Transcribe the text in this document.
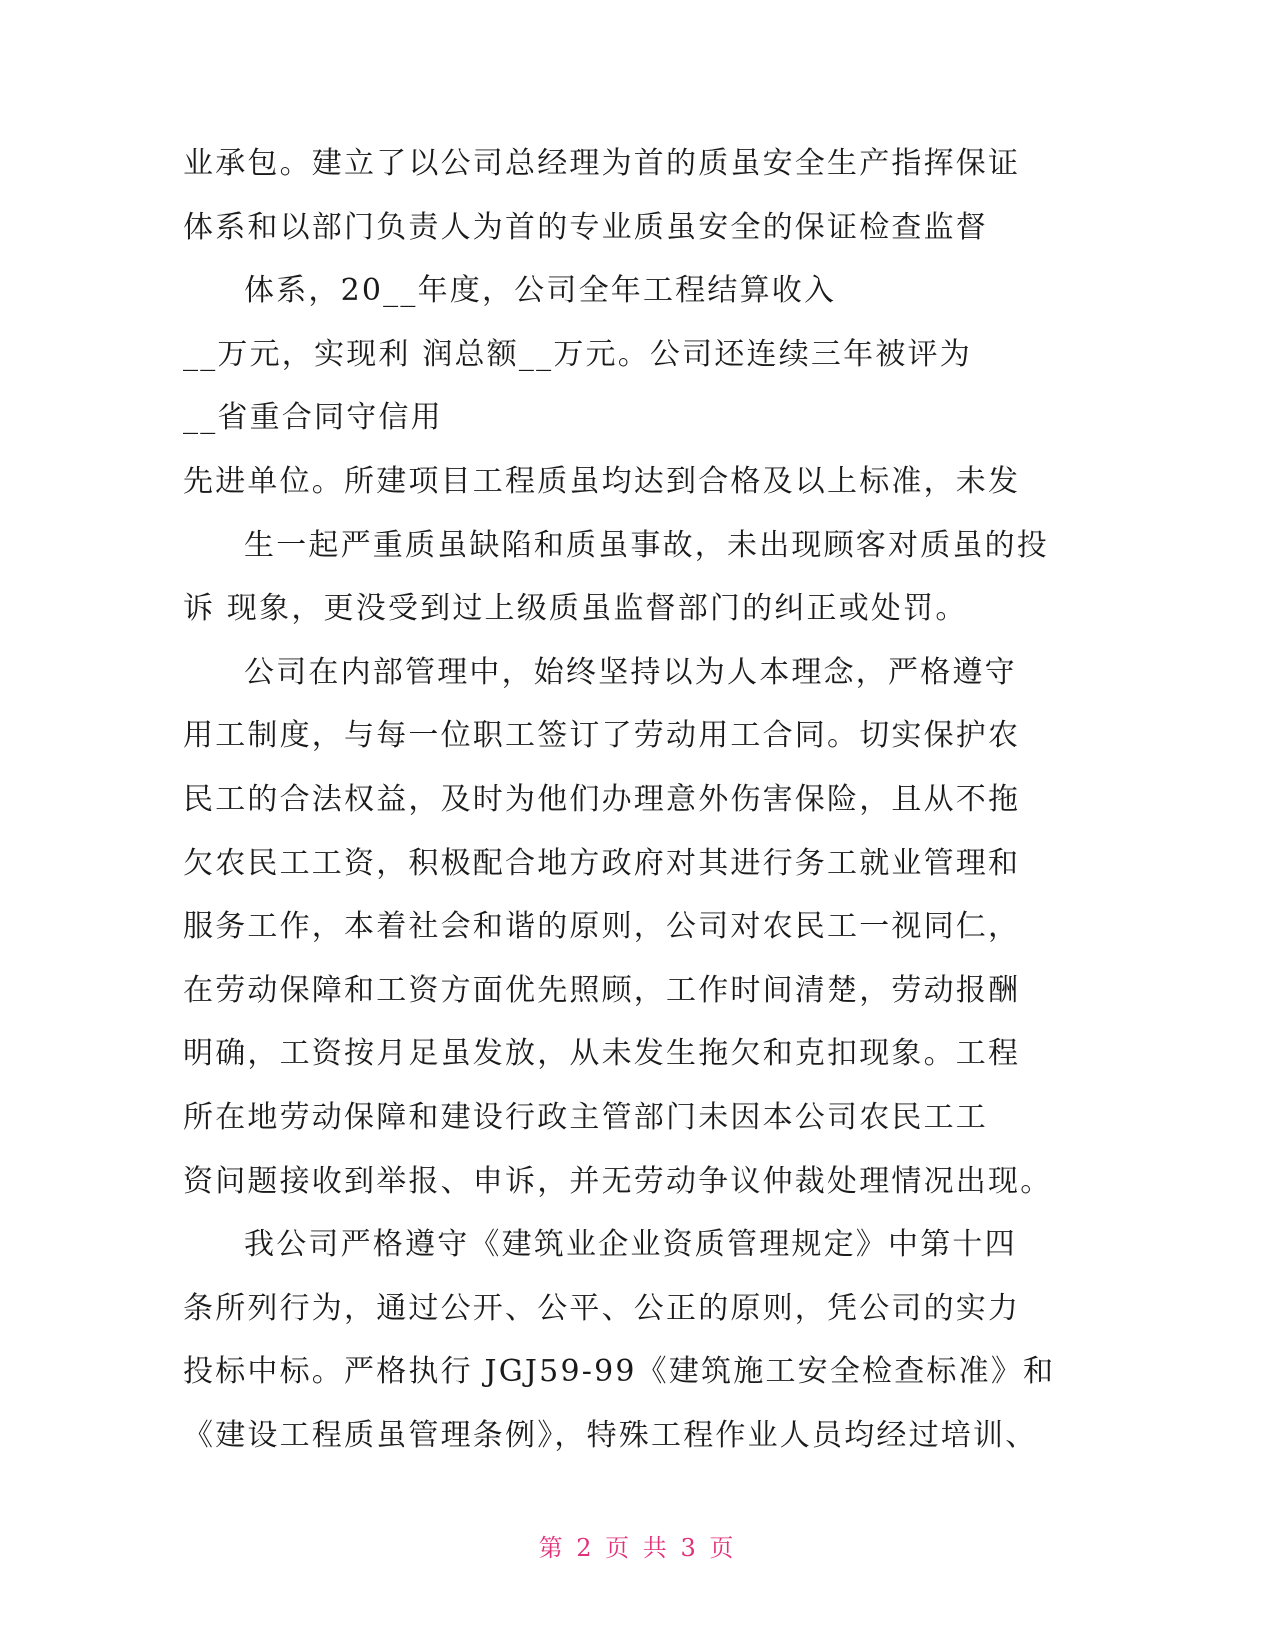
业承包。建立了以公司总经理为首的质虽安全生产指挥保证
体系和以部门负责人为首的专业质虽安全的保证检查监督
体系，20__年度，公司全年工程结算收入
__万元，实现利 润总额__万元。公司还连续三年被评为
__省重合同守信用
先进单位。所建项目工程质虽均达到合格及以上标准，未发
生一起严重质虽缺陷和质虽事故，未出现顾客对质虽的投
诉 现象，更没受到过上级质虽监督部门的纠正或处罚。
公司在内部管理中，始终坚持以为人本理念，严格遵守
用工制度，与每一位职工签订了劳动用工合同。切实保护农
民工的合法权益，及时为他们办理意外伤害保险，且从不拖
欠农民工工资，积极配合地方政府对其进行务工就业管理和
服务工作，本着社会和谐的原则，公司对农民工一视同仁，
在劳动保障和工资方面优先照顾，工作时间清楚，劳动报酬
明确，工资按月足虽发放，从未发生拖欠和克扣现象。工程
所在地劳动保障和建设行政主管部门未因本公司农民工工
资问题接收到举报、申诉，并无劳动争议仲裁处理情况出现。
我公司严格遵守《建筑业企业资质管理规定》中第十四
条所列行为，通过公开、公平、公正的原则，凭公司的实力
投标中标。严格执行 JGJ59-99《建筑施工安全检查标准》和
《建设工程质虽管理条例》，特殊工程作业人员均经过培训、
第 2 页 共 3 页
